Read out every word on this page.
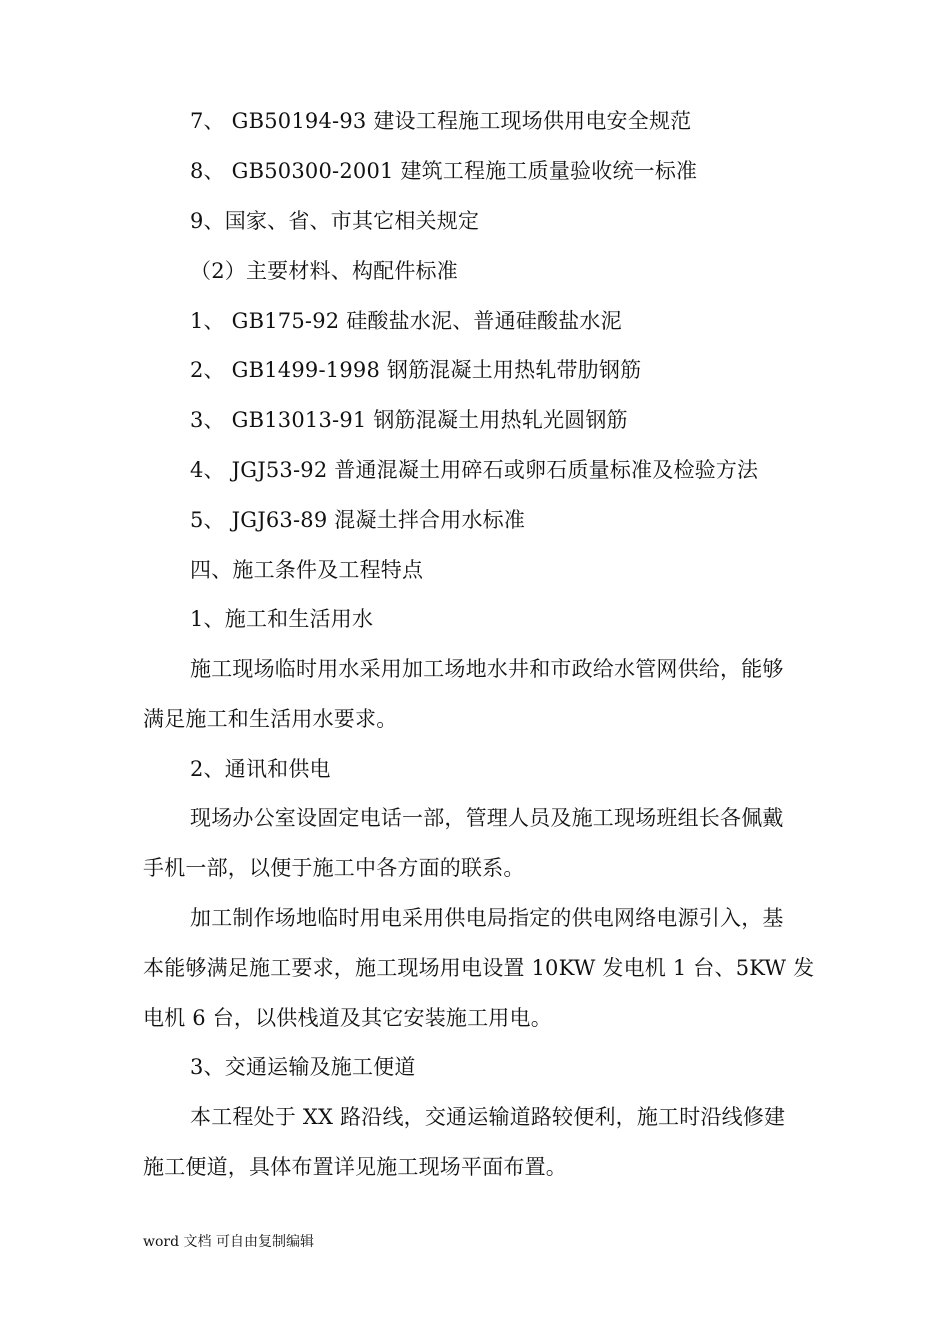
7、 GB50194-93 建设工程施工现场供用电安全规范
8、 GB50300-2001 建筑工程施工质量验收统一标准
9、国家、省、市其它相关规定
（2）主要材料、构配件标准
1、 GB175-92 硅酸盐水泥、普通硅酸盐水泥
2、 GB1499-1998 钢筋混凝土用热轧带肋钢筋
3、 GB13013-91 钢筋混凝土用热轧光圆钢筋
4、 JGJ53-92 普通混凝土用碎石或卵石质量标准及检验方法
5、 JGJ63-89 混凝土拌合用水标准
四、施工条件及工程特点
1、施工和生活用水
施工现场临时用水采用加工场地水井和市政给水管网供给，能够
满足施工和生活用水要求。
2、通讯和供电
现场办公室设固定电话一部，管理人员及施工现场班组长各佩戴
手机一部，以便于施工中各方面的联系。
加工制作场地临时用电采用供电局指定的供电网络电源引入，基
本能够满足施工要求，施工现场用电设置 10KW 发电机 1 台、5KW 发
电机 6 台，以供栈道及其它安装施工用电。
3、交通运输及施工便道
本工程处于 XX 路沿线，交通运输道路较便利，施工时沿线修建
施工便道，具体布置详见施工现场平面布置。
word 文档 可自由复制编辑
